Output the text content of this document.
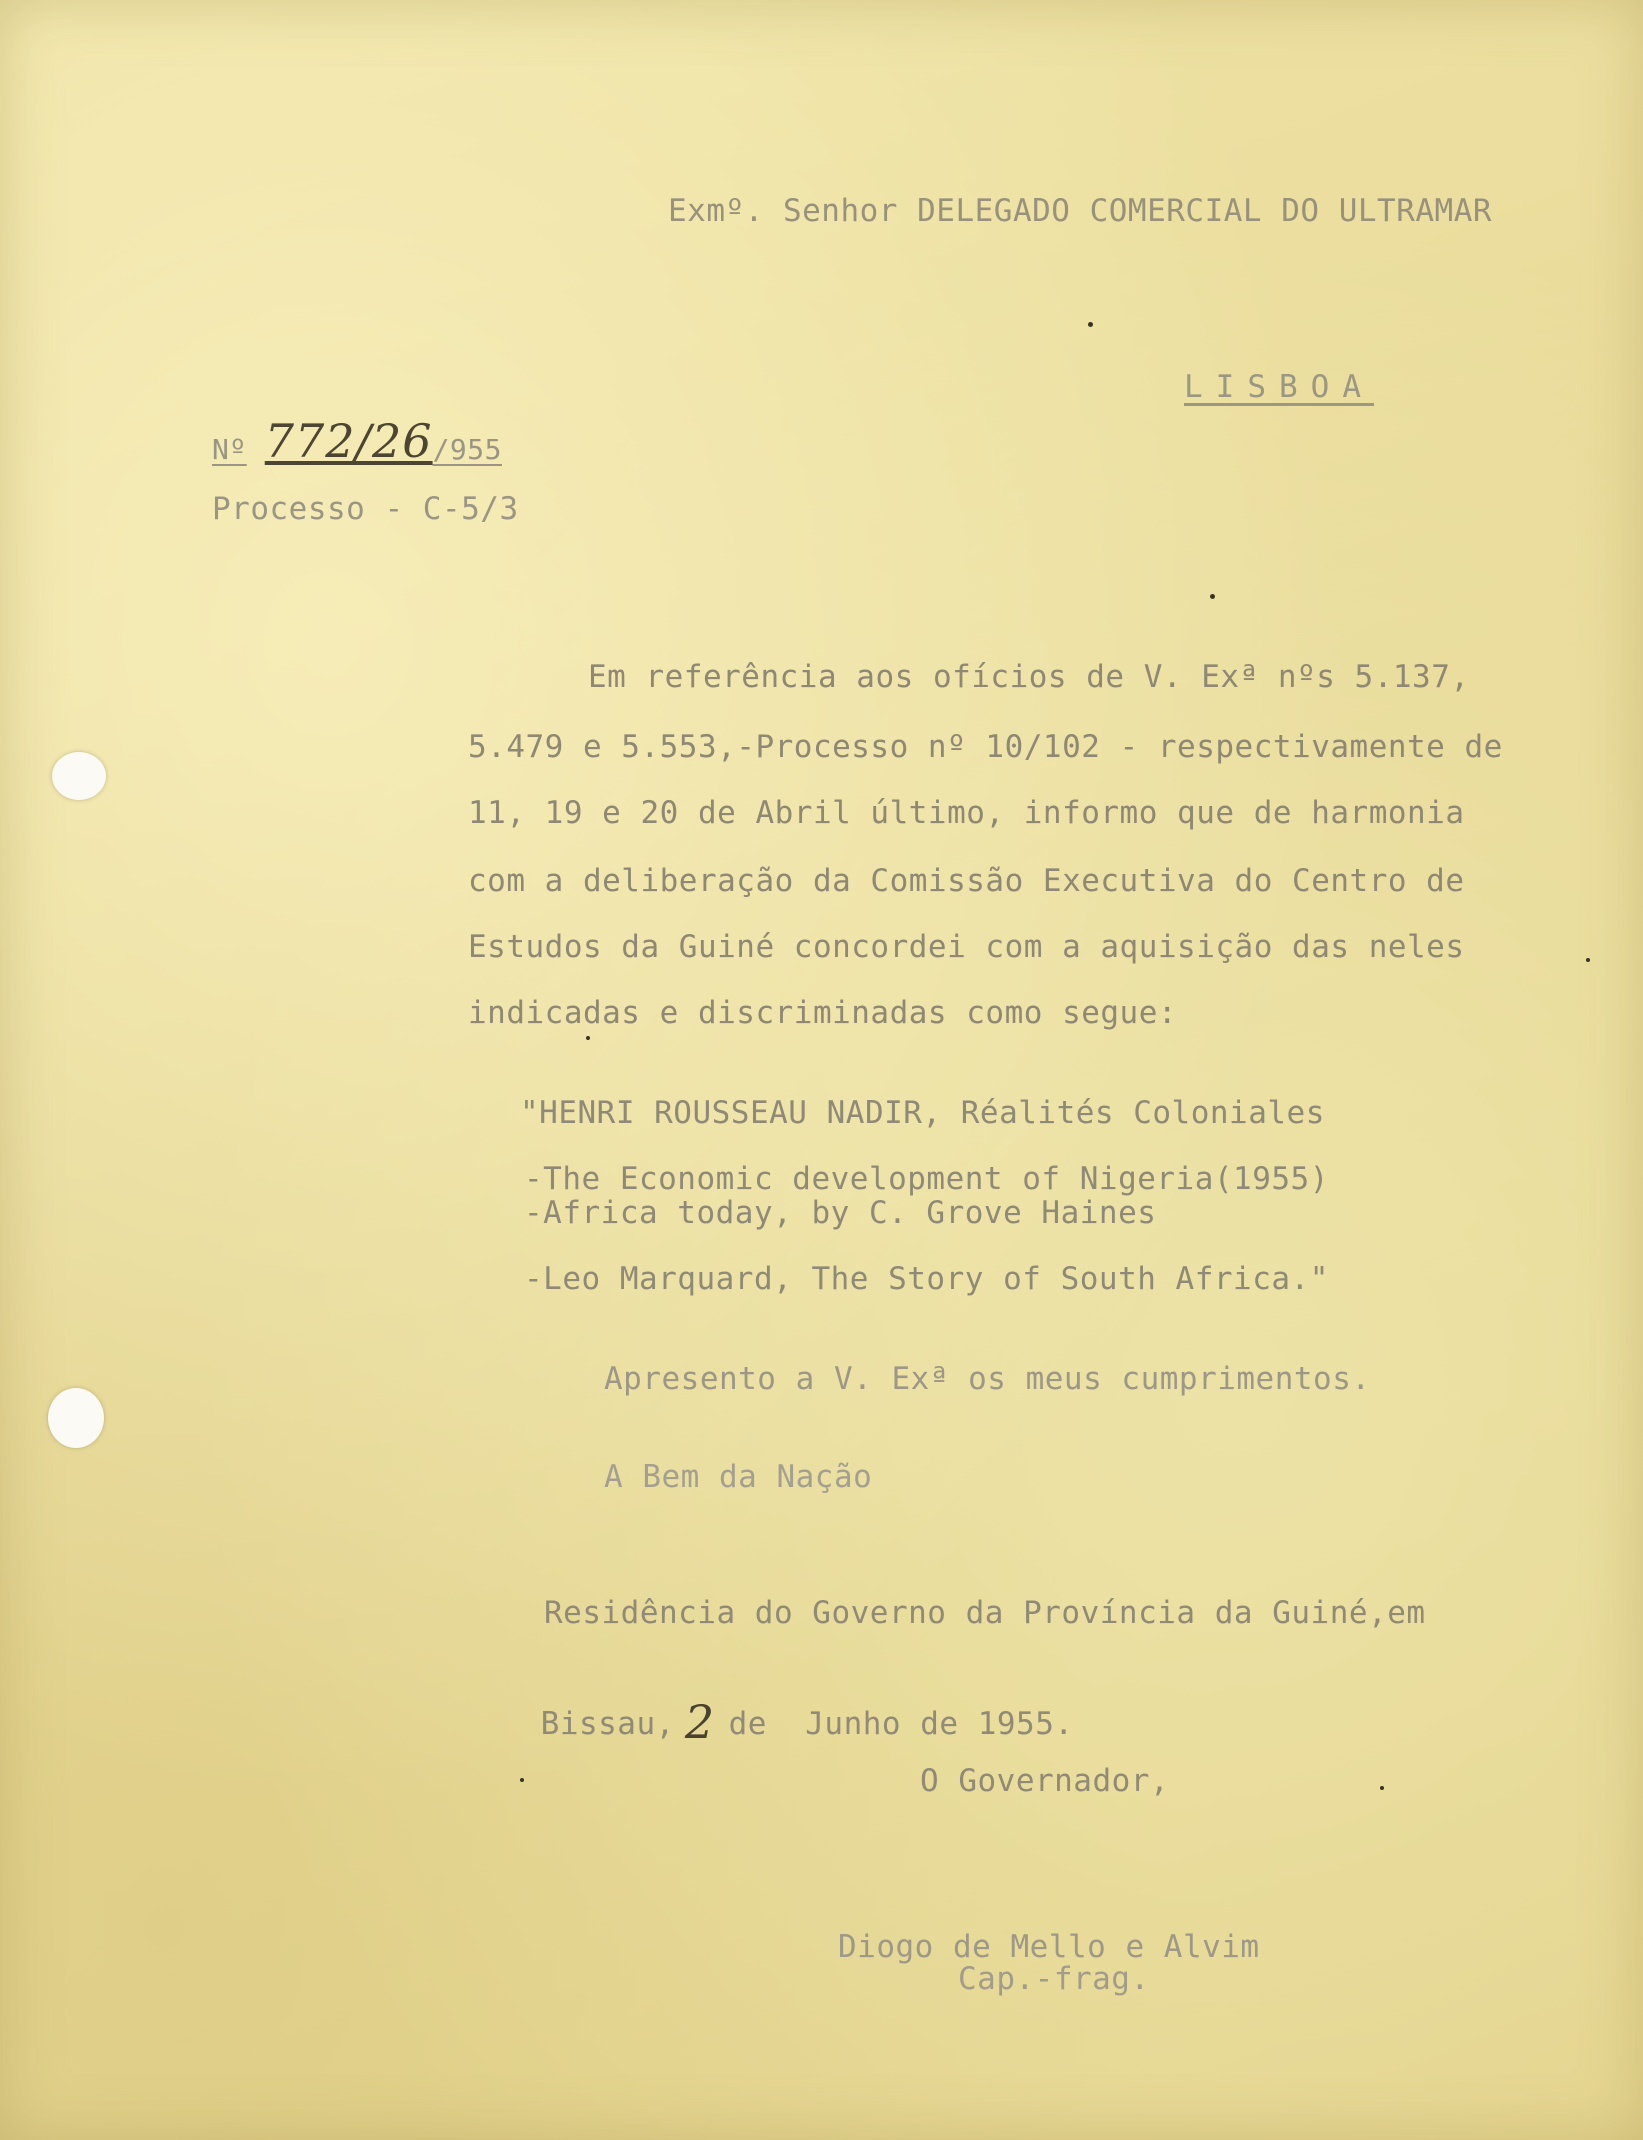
Exmº. Senhor DELEGADO COMERCIAL DO ULTRAMAR
LISBOA
Nº 772/26 /955
Processo - C-5/3
Em referência aos ofícios de V. Exª nºs 5.137,
5.479 e 5.553,-Processo nº 10/102 - respectivamente de
11, 19 e 20 de Abril último, informo que de harmonia
com a deliberação da Comissão Executiva do Centro de
Estudos da Guiné concordei com a aquisição das neles
indicadas e discriminadas como segue:
"HENRI ROUSSEAU NADIR, Réalités Coloniales
-The Economic development of Nigeria(1955)
-Africa today, by C. Grove Haines
-Leo Marquard, The Story of South Africa."
Apresento a V. Exª os meus cumprimentos.
A Bem da Nação
Residência do Governo da Província da Guiné,em

Bissau, 2 de  Junho de 1955.

O Governador,
Diogo de Mello e Alvim
Cap.-frag.
